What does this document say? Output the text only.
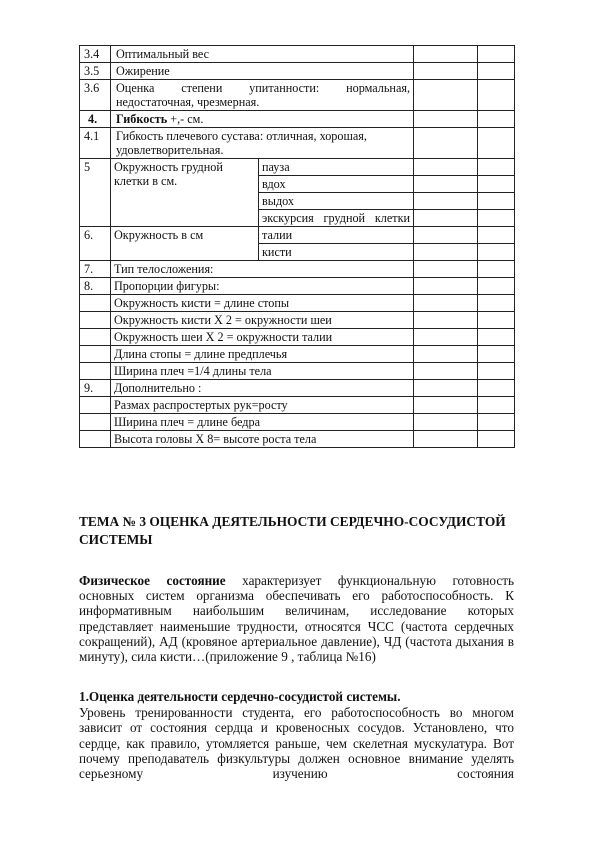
3.4	Оптимальный вес			
3.5	Ожирение			
3.6	Оценка степени упитанности: нормальная, недостаточная, чрезмерная.			
4.	Гибкость +,- см.			
4.1	Гибкость плечевого сустава: отличная, хорошая, удовлетворительная.			
5	Окружность грудной клетки в см.	пауза		
		вдох		
		выдох		

		экскурсия грудной клетки		

6.	Окружность в см	талии		
		кисти		
7.	Тип телосложения:			
8.	Пропорции фигуры:			
	Окружность кисти = длине стопы			
	Окружность кисти Х 2 = окружности шеи			
	Окружность шеи Х 2 = окружности талии			
	Длина стопы = длине предплечья			
	Ширина плеч =1/4 длины тела			
9.	Дополнительно :			
	Размах распростертых рук=росту			
	Ширина плеч = длине бедра			
	Высота головы Х 8= высоте роста тела			
ТЕМА № 3 ОЦЕНКА ДЕЯТЕЛЬНОСТИ СЕРДЕЧНО-СОСУДИСТОЙ СИСТЕМЫ

Физическое состояние характеризует функциональную готовность основных систем организма обеспечивать его работоспособность. К информативным наибольшим величинам, исследование которых представляет наименьшие трудности, относятся ЧСС (частота сердечных сокращений), АД (кровяное артериальное давление), ЧД (частота дыхания в минуту), сила кисти…(приложение 9 , таблица №16)

1.Оценка деятельности сердечно-сосудистой системы.

Уровень тренированности студента, его работоспособность во многом зависит от состояния сердца и кровеносных сосудов. Установлено, что сердце, как правило, утомляется раньше, чем скелетная мускулатура. Вот почему преподаватель физкультуры должен основное внимание уделять серьезному изучению состояния
